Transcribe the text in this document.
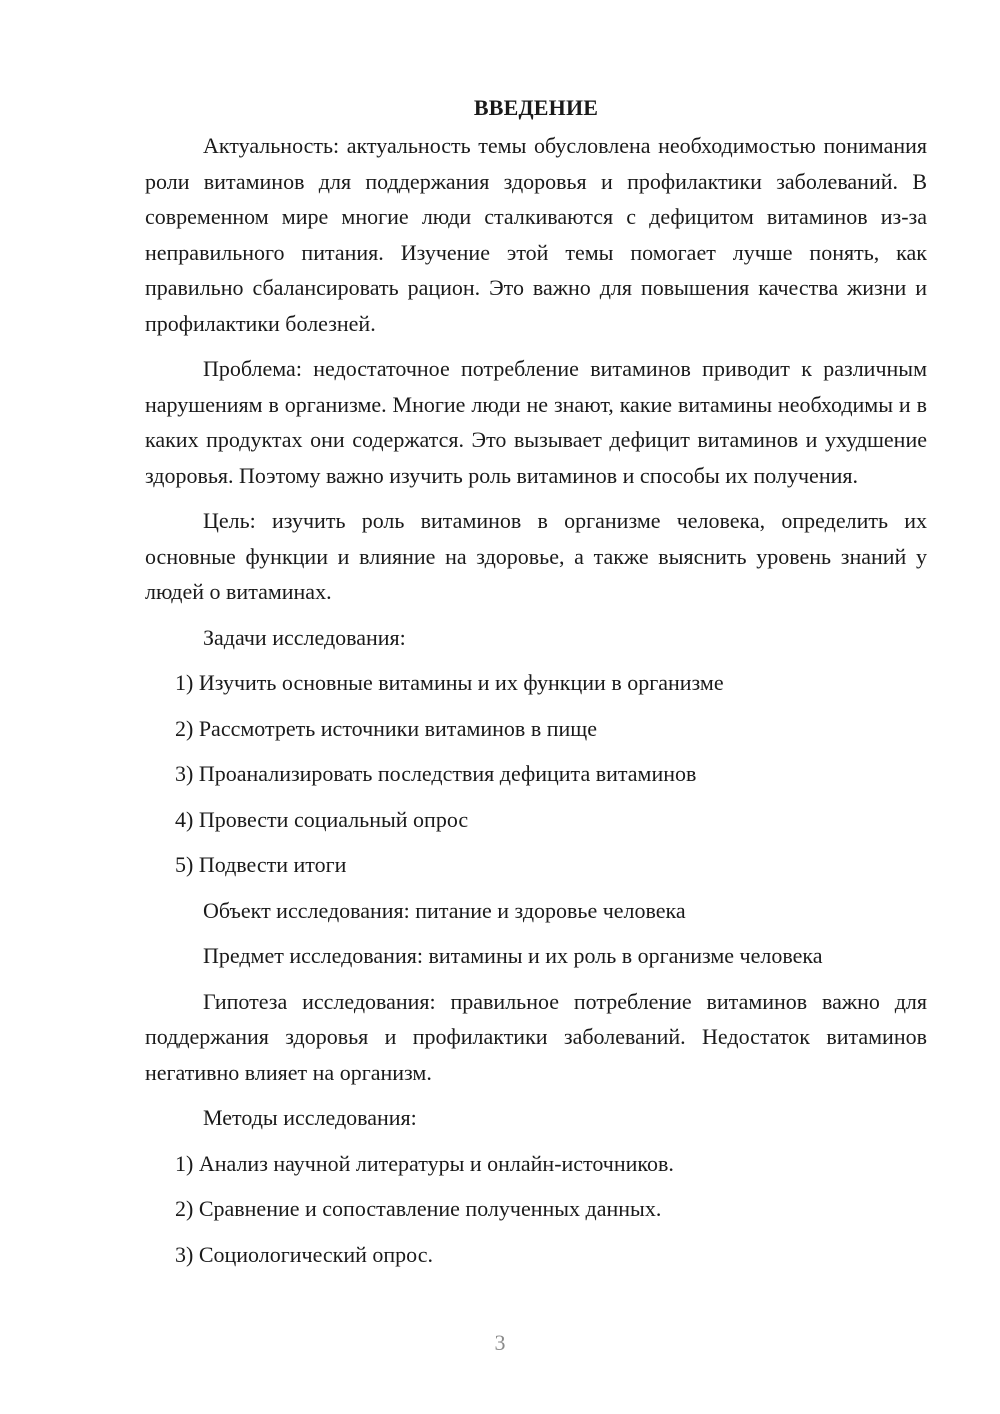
ВВЕДЕНИЕ

Актуальность: актуальность темы обусловлена необходимостью понимания роли витаминов для поддержания здоровья и профилактики заболеваний. В современном мире многие люди сталкиваются с дефицитом витаминов из-за неправильного питания. Изучение этой темы помогает лучше понять, как правильно сбалансировать рацион. Это важно для повышения качества жизни и профилактики болезней.

Проблема: недостаточное потребление витаминов приводит к различным нарушениям в организме. Многие люди не знают, какие витамины необходимы и в каких продуктах они содержатся. Это вызывает дефицит витаминов и ухудшение здоровья. Поэтому важно изучить роль витаминов и способы их получения.

Цель: изучить роль витаминов в организме человека, определить их основные функции и влияние на здоровье, а также выяснить уровень знаний у людей о витаминах.

Задачи исследования:
1) Изучить основные витамины и их функции в организме
2) Рассмотреть источники витаминов в пище
3) Проанализировать последствия дефицита витаминов
4) Провести социальный опрос
5) Подвести итоги
Объект исследования: питание и здоровье человека
Предмет исследования: витамины и их роль в организме человека

Гипотеза исследования: правильное потребление витаминов важно для поддержания здоровья и профилактики заболеваний. Недостаток витаминов негативно влияет на организм.

Методы исследования:
1) Анализ научной литературы и онлайн-источников.
2) Сравнение и сопоставление полученных данных.
3) Социологический опрос.
3
